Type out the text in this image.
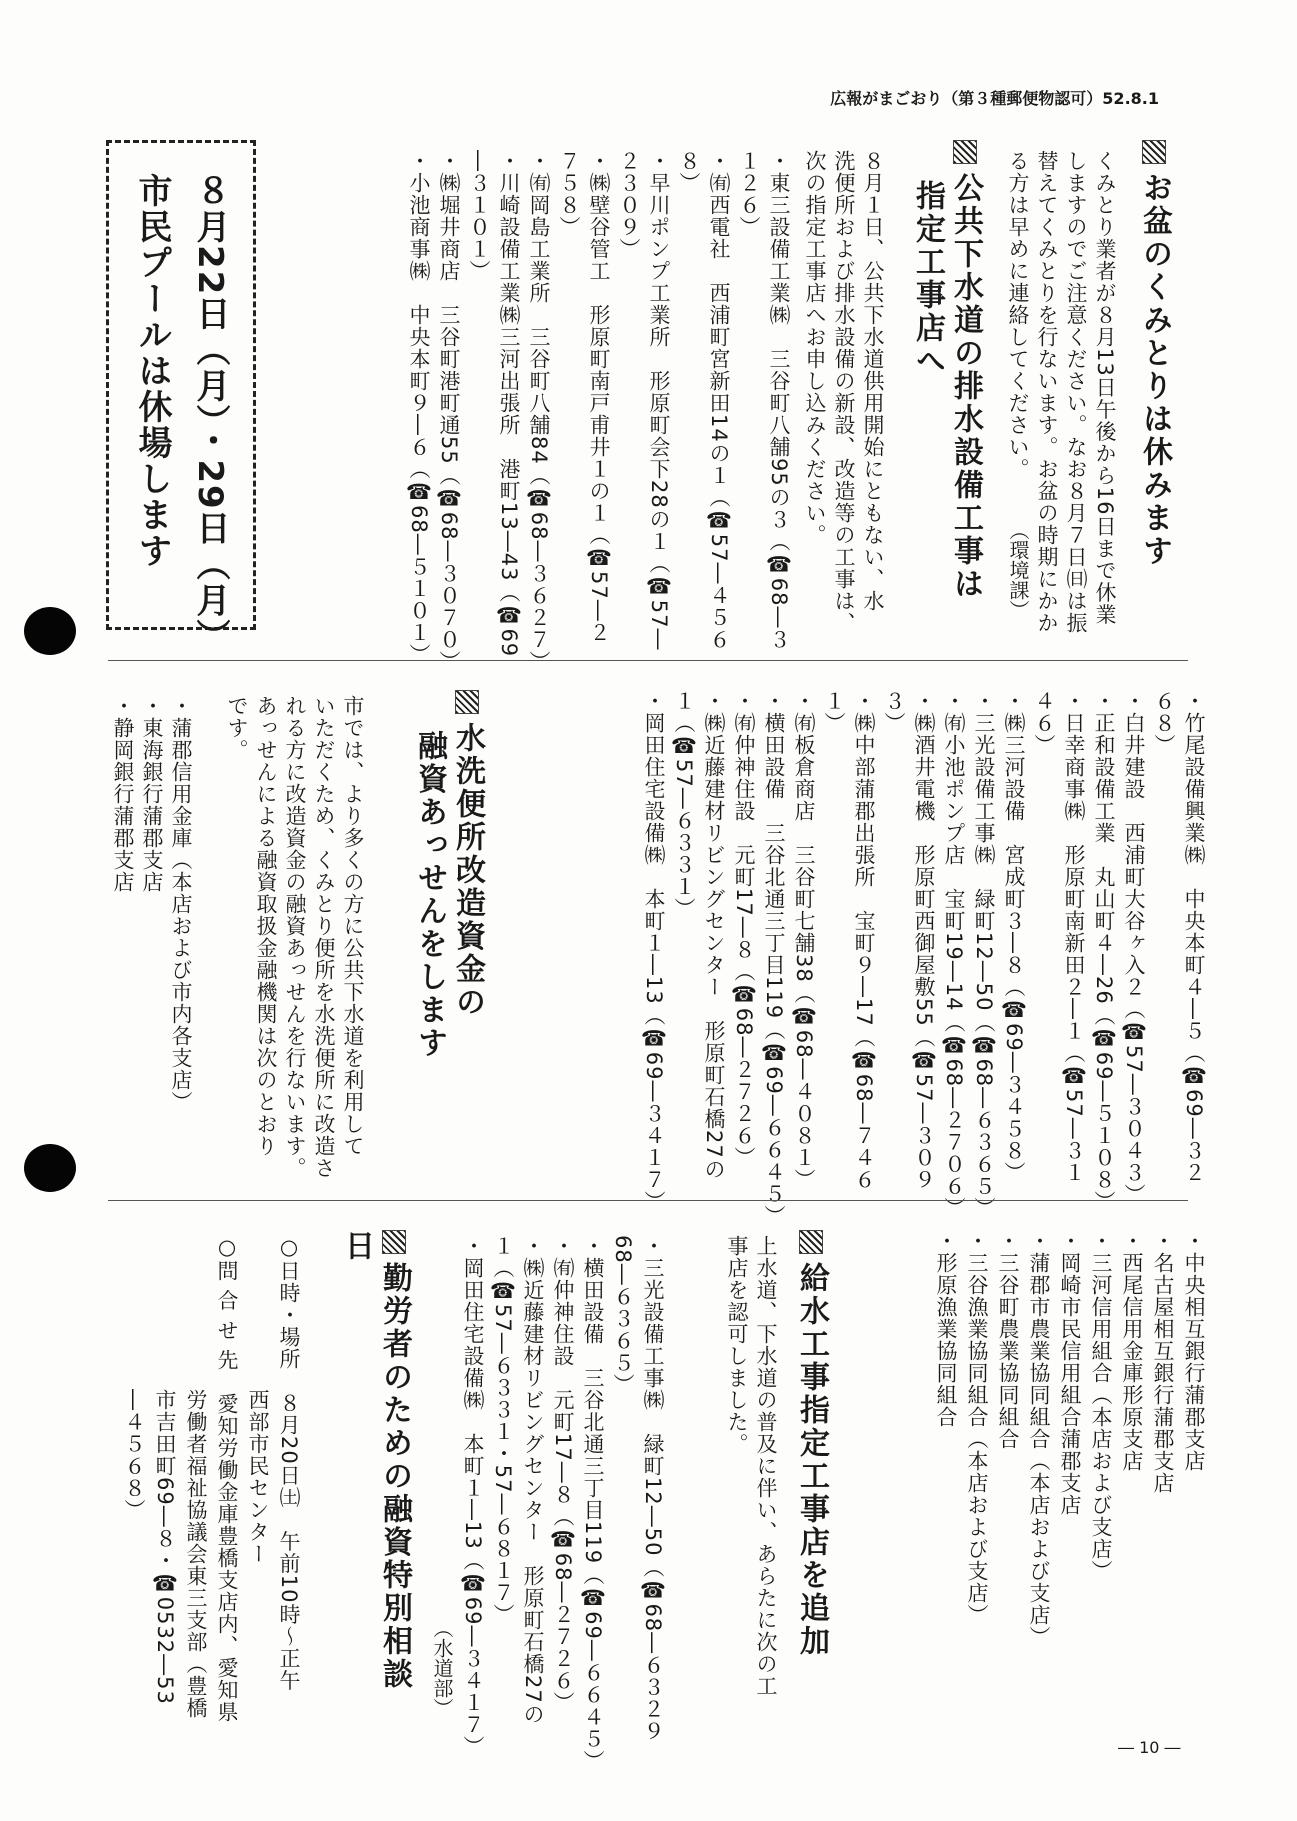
広報がまごおり（第３種郵便物認可）52.8.1
お盆のくみとりは休みます
くみとり業者が８月13日午後から16日まで休業
しますのでご注意ください。なお８月７日㈰は振
替えてくみとりを行ないます。お盆の時期にかか
る方は早めに連絡してください。
（環境課）
公共下水道の排水設備工事は
指定工事店へ
８月１日、公共下水道供用開始にともない、水
洗便所および排水設備の新設、改造等の工事は、
次の指定工事店へお申し込みください。
・ 東三設備工業㈱　三谷町八舗95の３（☎68―３
１２６）
・ ㈲西電社　西浦町宮新田14の１（☎57―４５６
８）
・ 早川ポンプ工業所　形原町会下28の１（☎57―
２３０９）
・ ㈱壁谷管工　形原町南戸甫井１の１（☎57―２
７５８）
・ ㈲岡島工業所　三谷町八舗84（☎68―３６２７）
・ 川崎設備工業㈱三河出張所　港町13―43（☎69
―３１０１）
・ ㈱堀井商店　三谷町港町通55（☎68―３０７０）
・ 小池商事㈱　中央本町９―６（☎68―５１０１）
８月22日（月）・29日（月）
市民プールは休場します
・ 竹尾設備興業㈱　中央本町４―５（☎69―３２
６８）
・ 白井建設　西浦町大谷ヶ入２（☎57―３０４３）
・ 正和設備工業　丸山町４―26（☎69―５１０８）
・ 日幸商事㈱　形原町南新田２―１（☎57―３１
４６）
・ ㈱三河設備　宮成町３―８（☎69―３４５８）
・ 三光設備工事㈱　緑町12―50（☎68―６３６５）
・ ㈲小池ポンプ店　宝町19―14（☎68―２７０６）
・ ㈱酒井電機　形原町西御屋敷55（☎57―３０９
３）
・ ㈱中部蒲郡出張所　宝町９―17（☎68―７４６
１）
・ ㈲板倉商店　三谷町七舗38（☎68―４０８１）
・ 横田設備　三谷北通三丁目119（☎69―６６４５）
・ ㈲仲神住設　元町17―８（☎68―２７２６）
・ ㈱近藤建材リビングセンター　形原町石橋27の
１（☎57―６３３１）
・ 岡田住宅設備㈱　本町１―13（☎69―３４１７）
水洗便所改造資金の
融資あっせんをします
市では、より多くの方に公共下水道を利用して
いただくため、くみとり便所を水洗便所に改造さ
れる方に改造資金の融資あっせんを行ないます。
あっせんによる融資取扱金融機関は次のとおり
です。
・ 蒲郡信用金庫（本店および市内各支店）
・ 東海銀行蒲郡支店
・ 静岡銀行蒲郡支店
・ 中央相互銀行蒲郡支店
・ 名古屋相互銀行蒲郡支店
・ 西尾信用金庫形原支店
・ 三河信用組合（本店および支店）
・ 岡崎市民信用組合蒲郡支店
・ 蒲郡市農業協同組合（本店および支店）
・ 三谷町農業協同組合
・ 三谷漁業協同組合（本店および支店）
・ 形原漁業協同組合
給水工事指定工事店を追加
上水道、下水道の普及に伴い、あらたに次の工
事店を認可しました。
・ 三光設備工事㈱　緑町12―50（☎68―６３２９
68―６３６５）
・ 横田設備　三谷北通三丁目119（☎69―６６４５）
・ ㈲仲神住設　元町17―８（☎68―２７２６）
・ ㈱近藤建材リビングセンター　形原町石橋27の
１（☎57―６３３１・57―６８１７）
・ 岡田住宅設備㈱　本町１―13（☎69―３４１７）
（水道部）
勤労者のための融資特別相談日
○日時・場所　８月20日㈯　午前10時～正午
　　　　　　　西部市民センター
○問 合 せ 先　愛知労働金庫豊橋支店内、愛知県
　　　　　　　労働者福祉協議会東三支部（豊橋
　　　　　　　市吉田町69―８・☎0532―53
　　　　　　　―４５６８）
― 10 ―
